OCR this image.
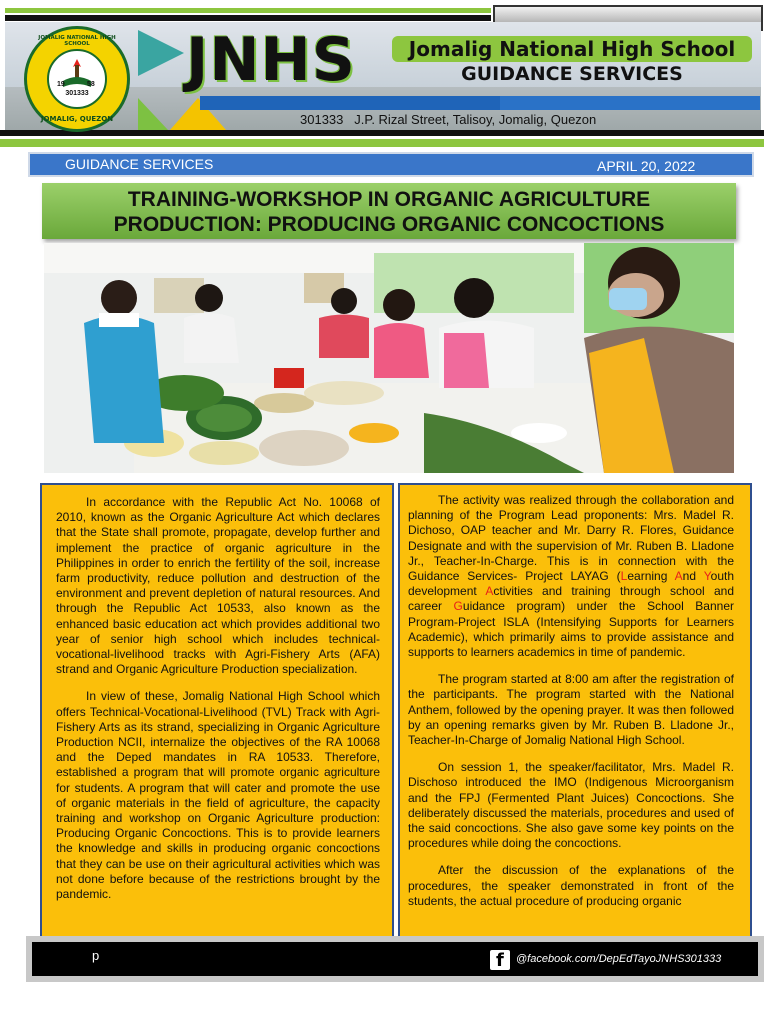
JOMALIG NATIONAL HIGH SCHOOL
19	58
301333
JOMALIG, QUEZON
JNHS	Jomalig National High School
GUIDANCE SERVICES
301333   J.P. Rizal Street, Talisoy, Jomalig, Quezon
GUIDANCE SERVICES	APRIL 20, 2022
TRAINING-WORKSHOP IN ORGANIC AGRICULTURE
PRODUCTION: PRODUCING ORGANIC CONCOCTIONS

In accordance with the Republic Act No. 10068 of 2010, known as the Organic Agriculture Act which declares that the State shall promote, propagate, develop further and implement the practice of organic agriculture in the Philippines in order to enrich the fertility of the soil, increase farm productivity, reduce pollution and destruction of the environment and prevent depletion of natural resources. And through the Republic Act 10533, also known as the enhanced basic education act which provides additional two year of senior high school which includes technical-vocational-livelihood tracks with Agri-Fishery Arts (AFA) strand and Organic Agriculture Production specialization.

In view of these, Jomalig National High School which offers Technical-Vocational-Livelihood (TVL) Track with Agri-Fishery Arts as its strand, specializing in Organic Agriculture Production NCII, internalize the objectives of the RA 10068 and the Deped mandates in RA 10533. Therefore, established a program that will promote organic agriculture for students. A program that will cater and promote the use of organic materials in the field of agriculture, the capacity training and workshop on Organic Agriculture production: Producing Organic Concoctions. This is to provide learners the knowledge and skills in producing organic concoctions that they can be use on their agricultural activities which was not done before because of the restrictions brought by the pandemic.

The activity was realized through the collaboration and planning of the Program Lead proponents: Mrs. Madel R. Dichoso, OAP teacher and Mr. Darry R. Flores, Guidance Designate and with the supervision of Mr. Ruben B. Lladone Jr., Teacher-In-Charge. This is in connection with the Guidance Services- Project LAYAG (Learning And Youth development Activities and training through school and career Guidance program) under the School Banner Program-Project ISLA (Intensifying Supports for Learners Academic), which primarily aims to provide assistance and supports to learners academics in time of pandemic.

The program started at 8:00 am after the registration of the participants. The program started with the National Anthem, followed by the opening prayer. It was then followed by an opening remarks given by Mr. Ruben B. Lladone Jr., Teacher-In-Charge of Jomalig National High School.

On session 1, the speaker/facilitator, Mrs. Madel R. Dischoso introduced the IMO (Indigenous Microorganism and the FPJ (Fermented Plant Juices) Concoctions. She deliberately discussed the materials, procedures and used of the said concoctions. She also gave some key points on the procedures while doing the concoctions.

After the discussion of the explanations of the procedures, the speaker demonstrated in front of the students, the actual procedure of producing organic

p	f @facebook.com/DepEdTayoJNHS301333
